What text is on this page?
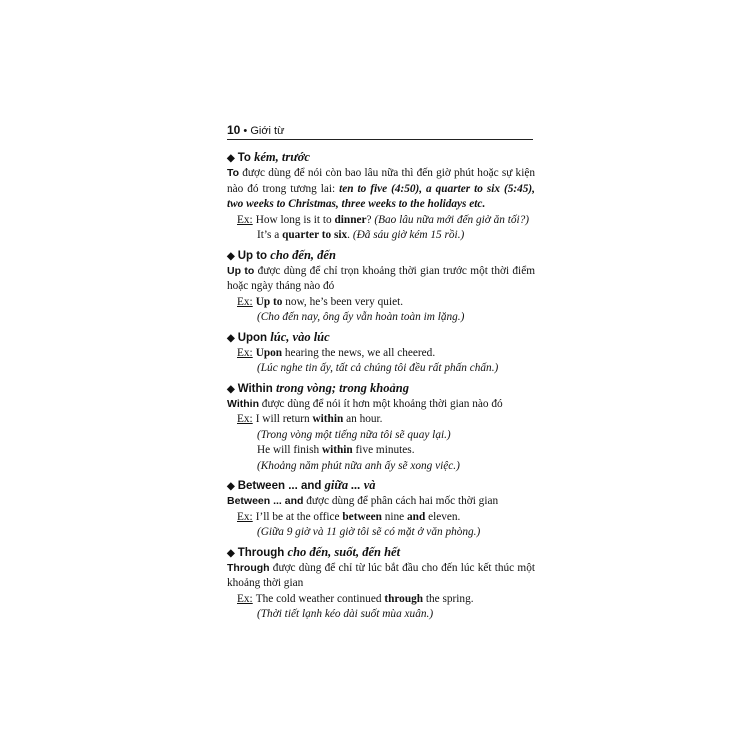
10 • Giới từ
◆ To kém, trước
To được dùng để nói còn bao lâu nữa thì đến giờ phút hoặc sự kiện nào đó trong tương lai: ten to five (4:50), a quarter to six (5:45), two weeks to Christmas, three weeks to the holidays etc.
Ex: How long is it to dinner? (Bao lâu nữa mới đến giờ ăn tối?)
It’s a quarter to six. (Đã sáu giờ kém 15 rồi.)
◆ Up to cho đến, đến
Up to được dùng để chỉ trọn khoảng thời gian trước một thời điểm hoặc ngày tháng nào đó
Ex: Up to now, he’s been very quiet.
(Cho đến nay, ông ấy vẫn hoàn toàn im lặng.)
◆ Upon lúc, vào lúc
Ex: Upon hearing the news, we all cheered.
(Lúc nghe tin ấy, tất cả chúng tôi đều rất phấn chấn.)
◆ Within trong vòng; trong khoảng
Within được dùng để nói ít hơn một khoảng thời gian nào đó
Ex: I will return within an hour.
(Trong vòng một tiếng nữa tôi sẽ quay lại.)
He will finish within five minutes.
(Khoảng năm phút nữa anh ấy sẽ xong việc.)
◆ Between ... and giữa ... và
Between ... and được dùng để phân cách hai mốc thời gian
Ex: I’ll be at the office between nine and eleven.
(Giữa 9 giờ và 11 giờ tôi sẽ có mặt ở văn phòng.)
◆ Through cho đến, suốt, đến hết
Through được dùng để chỉ từ lúc bắt đầu cho đến lúc kết thúc một khoảng thời gian
Ex: The cold weather continued through the spring.
(Thời tiết lạnh kéo dài suốt mùa xuân.)
